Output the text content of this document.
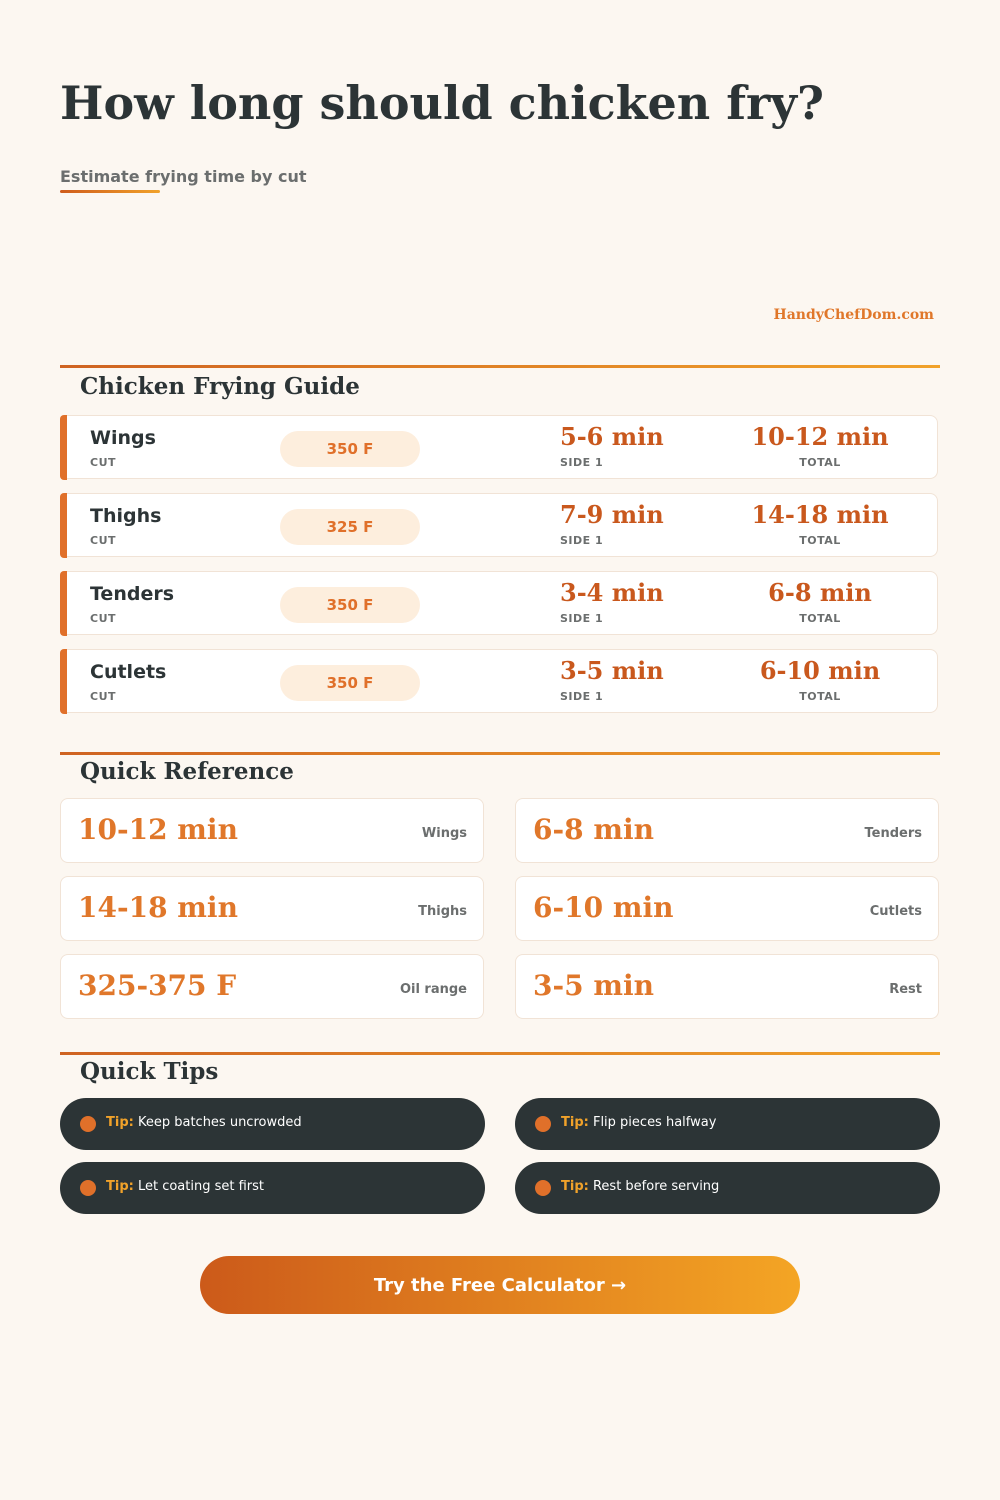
How long should chicken fry?
Estimate frying time by cut
HandyChefDom.com
Chicken Frying Guide
Wings
CUT
350 F	5-6 min
SIDE 1
10-12 min
TOTAL
Thighs
CUT
325 F	7-9 min
SIDE 1
14-18 min
TOTAL
Tenders
CUT
350 F	3-4 min
SIDE 1
6-8 min
TOTAL
Cutlets
CUT
350 F	3-5 min
SIDE 1
6-10 min
TOTAL
Quick Reference
10-12 min	Wings 6-8 min	Tenders
14-18 min	Thighs 6-10 min	Cutlets
325-375 F	Oil range 3-5 min	Rest
Quick Tips
Tip: Keep batches uncrowded	Tip: Flip pieces halfway
Tip: Let coating set first	Tip: Rest before serving
Try the Free Calculator →
